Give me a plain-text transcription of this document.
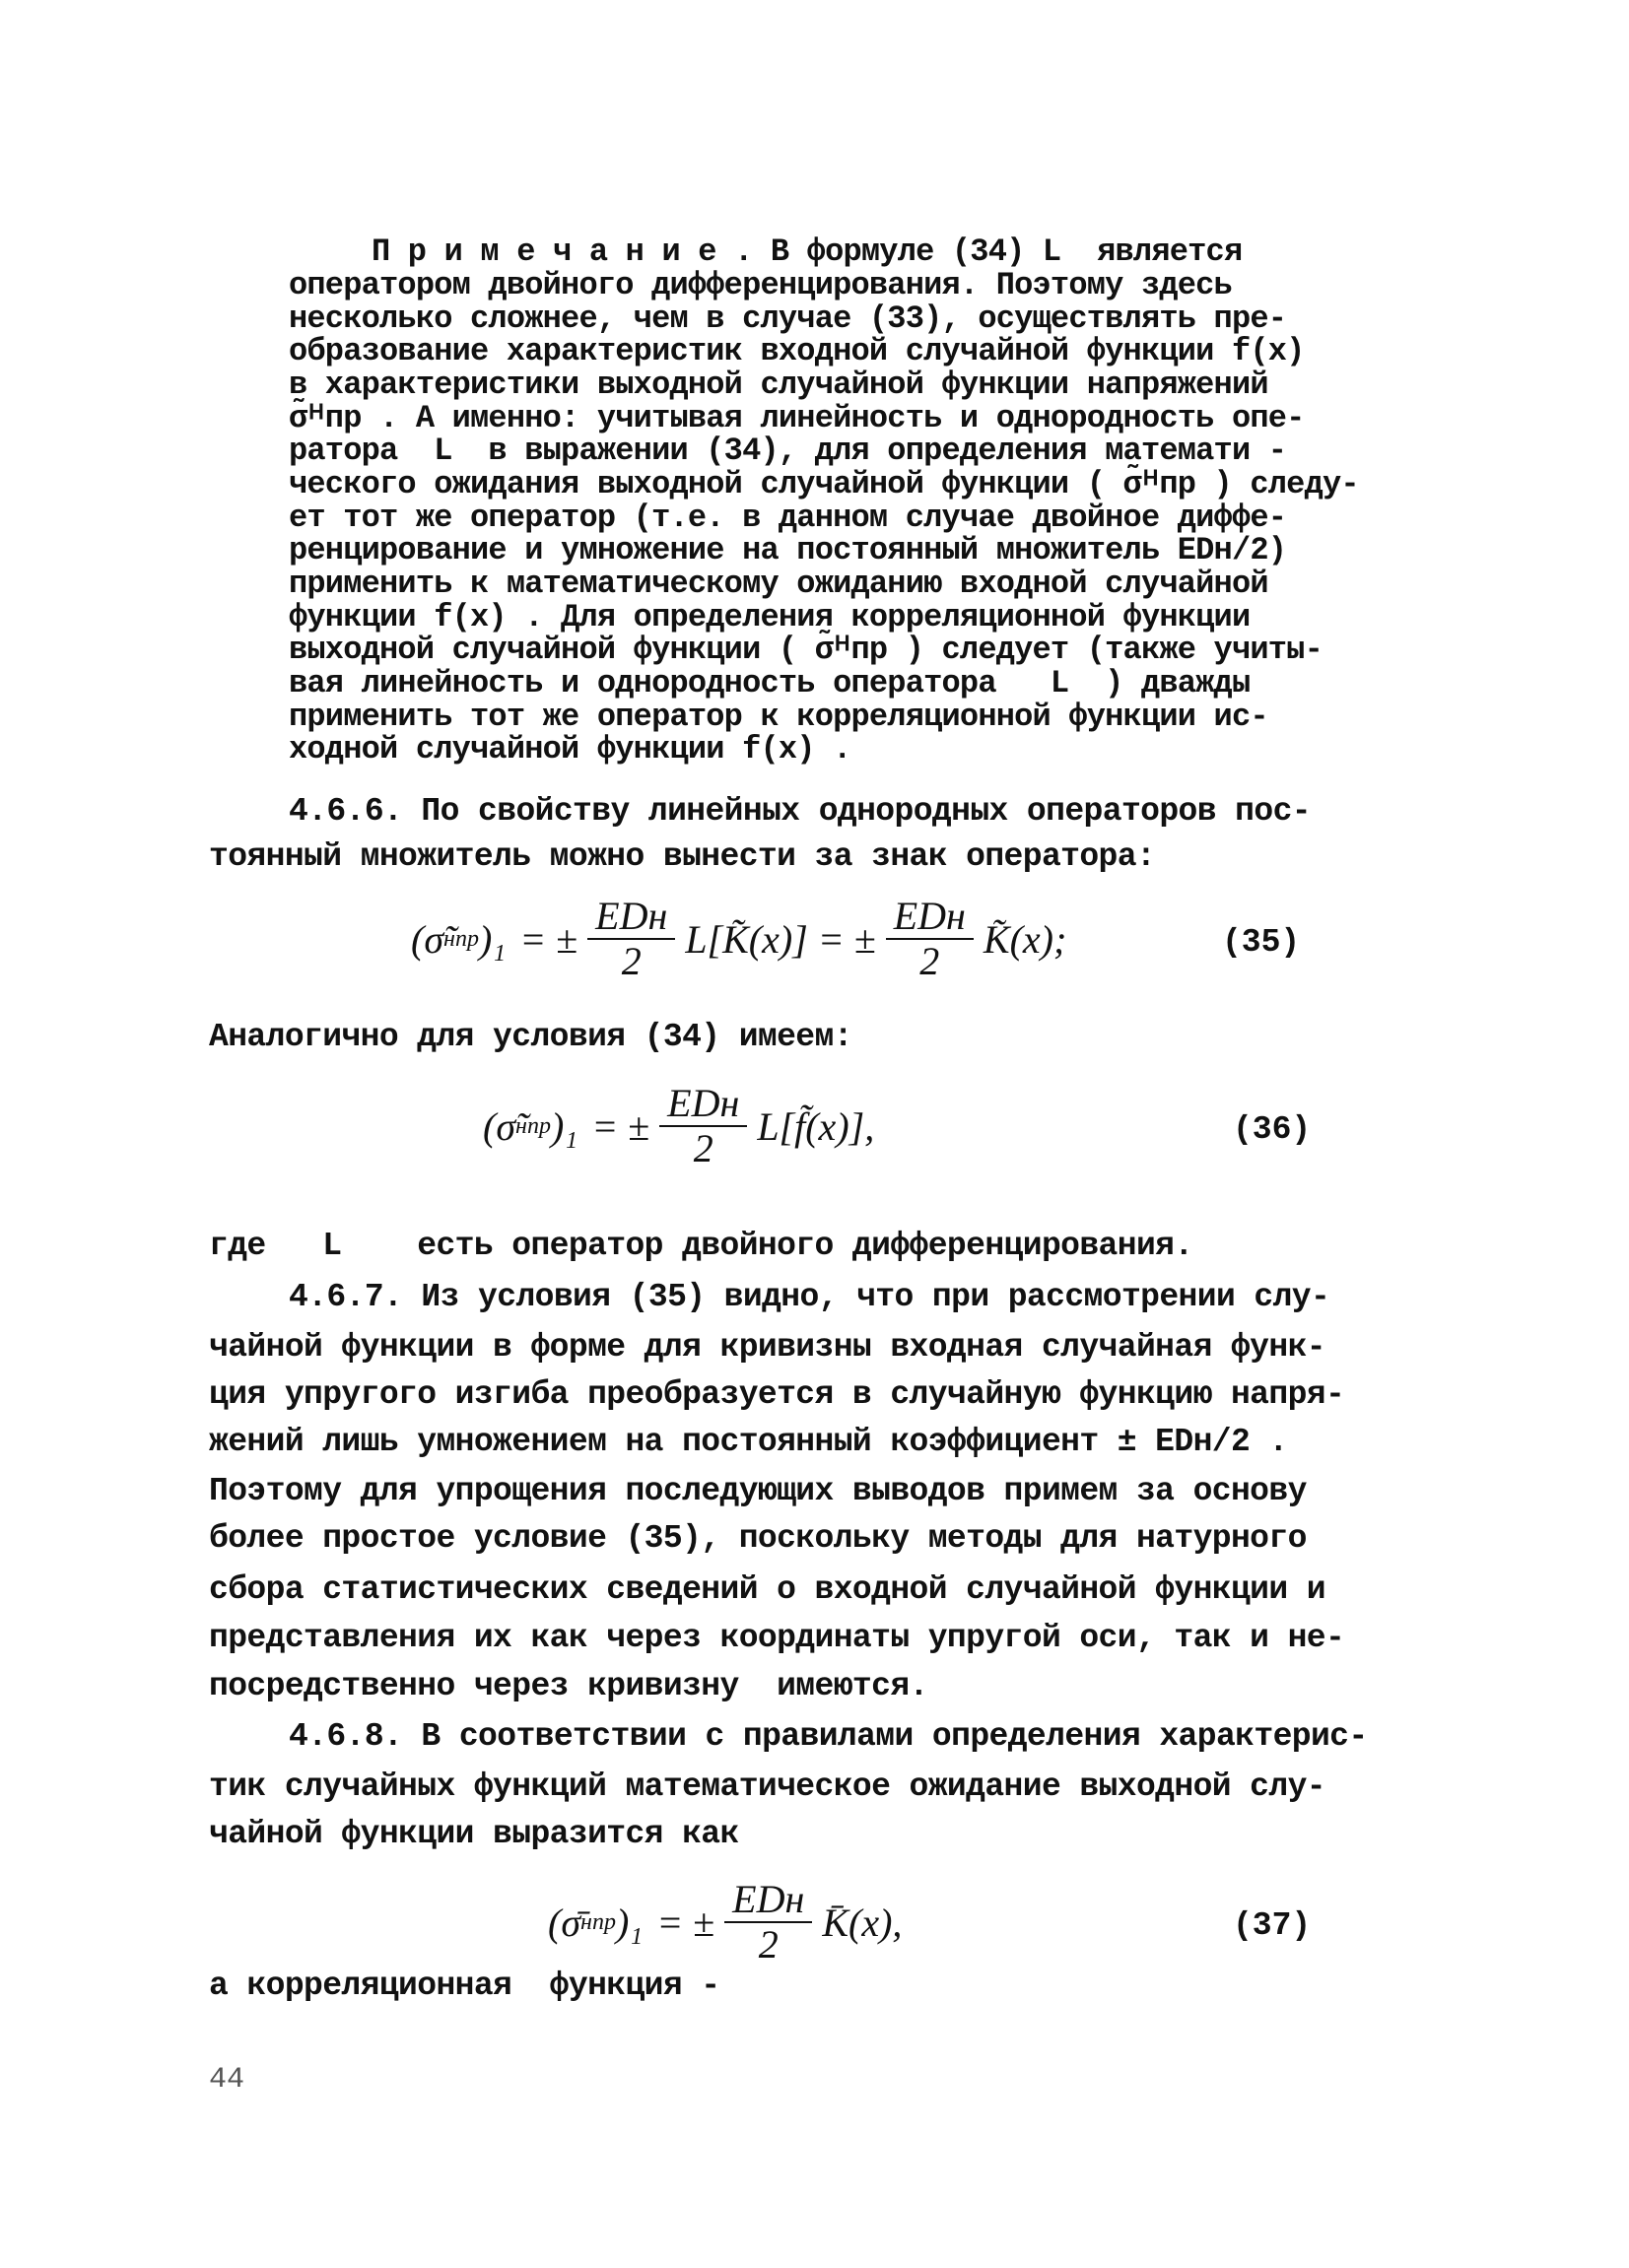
П р и м е ч а н и е . В формуле (34) L  является
оператором двойного дифференцирования. Поэтому здесь
несколько сложнее, чем в случае (33), осуществлять пре-
образование характеристик входной случайной функции f(x)
в характеристики выходной случайной функции напряжений
σ̃ᴴпр . А именно: учитывая линейность и однородность опе-
ратора  L  в выражении (34), для определения математи -
ческого ожидания выходной случайной функции ( σ̃ᴴпр ) следу-
ет тот же оператор (т.е. в данном случае двойное диффе-
ренцирование и умножение на постоянный множитель EDн/2)
применить к математическому ожиданию входной случайной
функции f(x) . Для определения корреляционной функции
выходной случайной функции ( σ̃ᴴпр ) следует (также учиты-
вая линейность и однородность оператора   L  ) дважды
применить тот же оператор к корреляционной функции ис-
ходной случайной функции f(x) .
4.6.6. По свойству линейных однородных операторов пос-
тоянный множитель можно вынести за знак оператора:
(σ̃ н пр )₁ = ± $\frac{\text{EDн}}{2}$ L[K̃(x)] = ± $\frac{\text{EDн}}{2}$ K̃(x);	(35)
Аналогично для условия (34) имеем:
(σ̃ н пр )₁ = ± $\frac{\text{EDн}}{2}$ L[f̃(x)],	(36)
где   L    есть оператор двойного дифференцирования.
4.6.7. Из условия (35) видно, что при рассмотрении слу-
чайной функции в форме для кривизны входная случайная функ-
ция упругого изгиба преобразуется в случайную функцию напря-
жений лишь умножением на постоянный коэффициент ± EDн/2 .
Поэтому для упрощения последующих выводов примем за основу
более простое условие (35), поскольку методы для натурного
сбора статистических сведений о входной случайной функции и
представления их как через координаты упругой оси, так и не-
посредственно через кривизну  имеются.
4.6.8. В соответствии с правилами определения характерис-
тик случайных функций математическое ожидание выходной слу-
чайной функции выразится как
(σ̄ н пр )₁ = ± $\frac{\text{EDн}}{2}$ K̄(x),	(37)
а корреляционная  функция -
44
